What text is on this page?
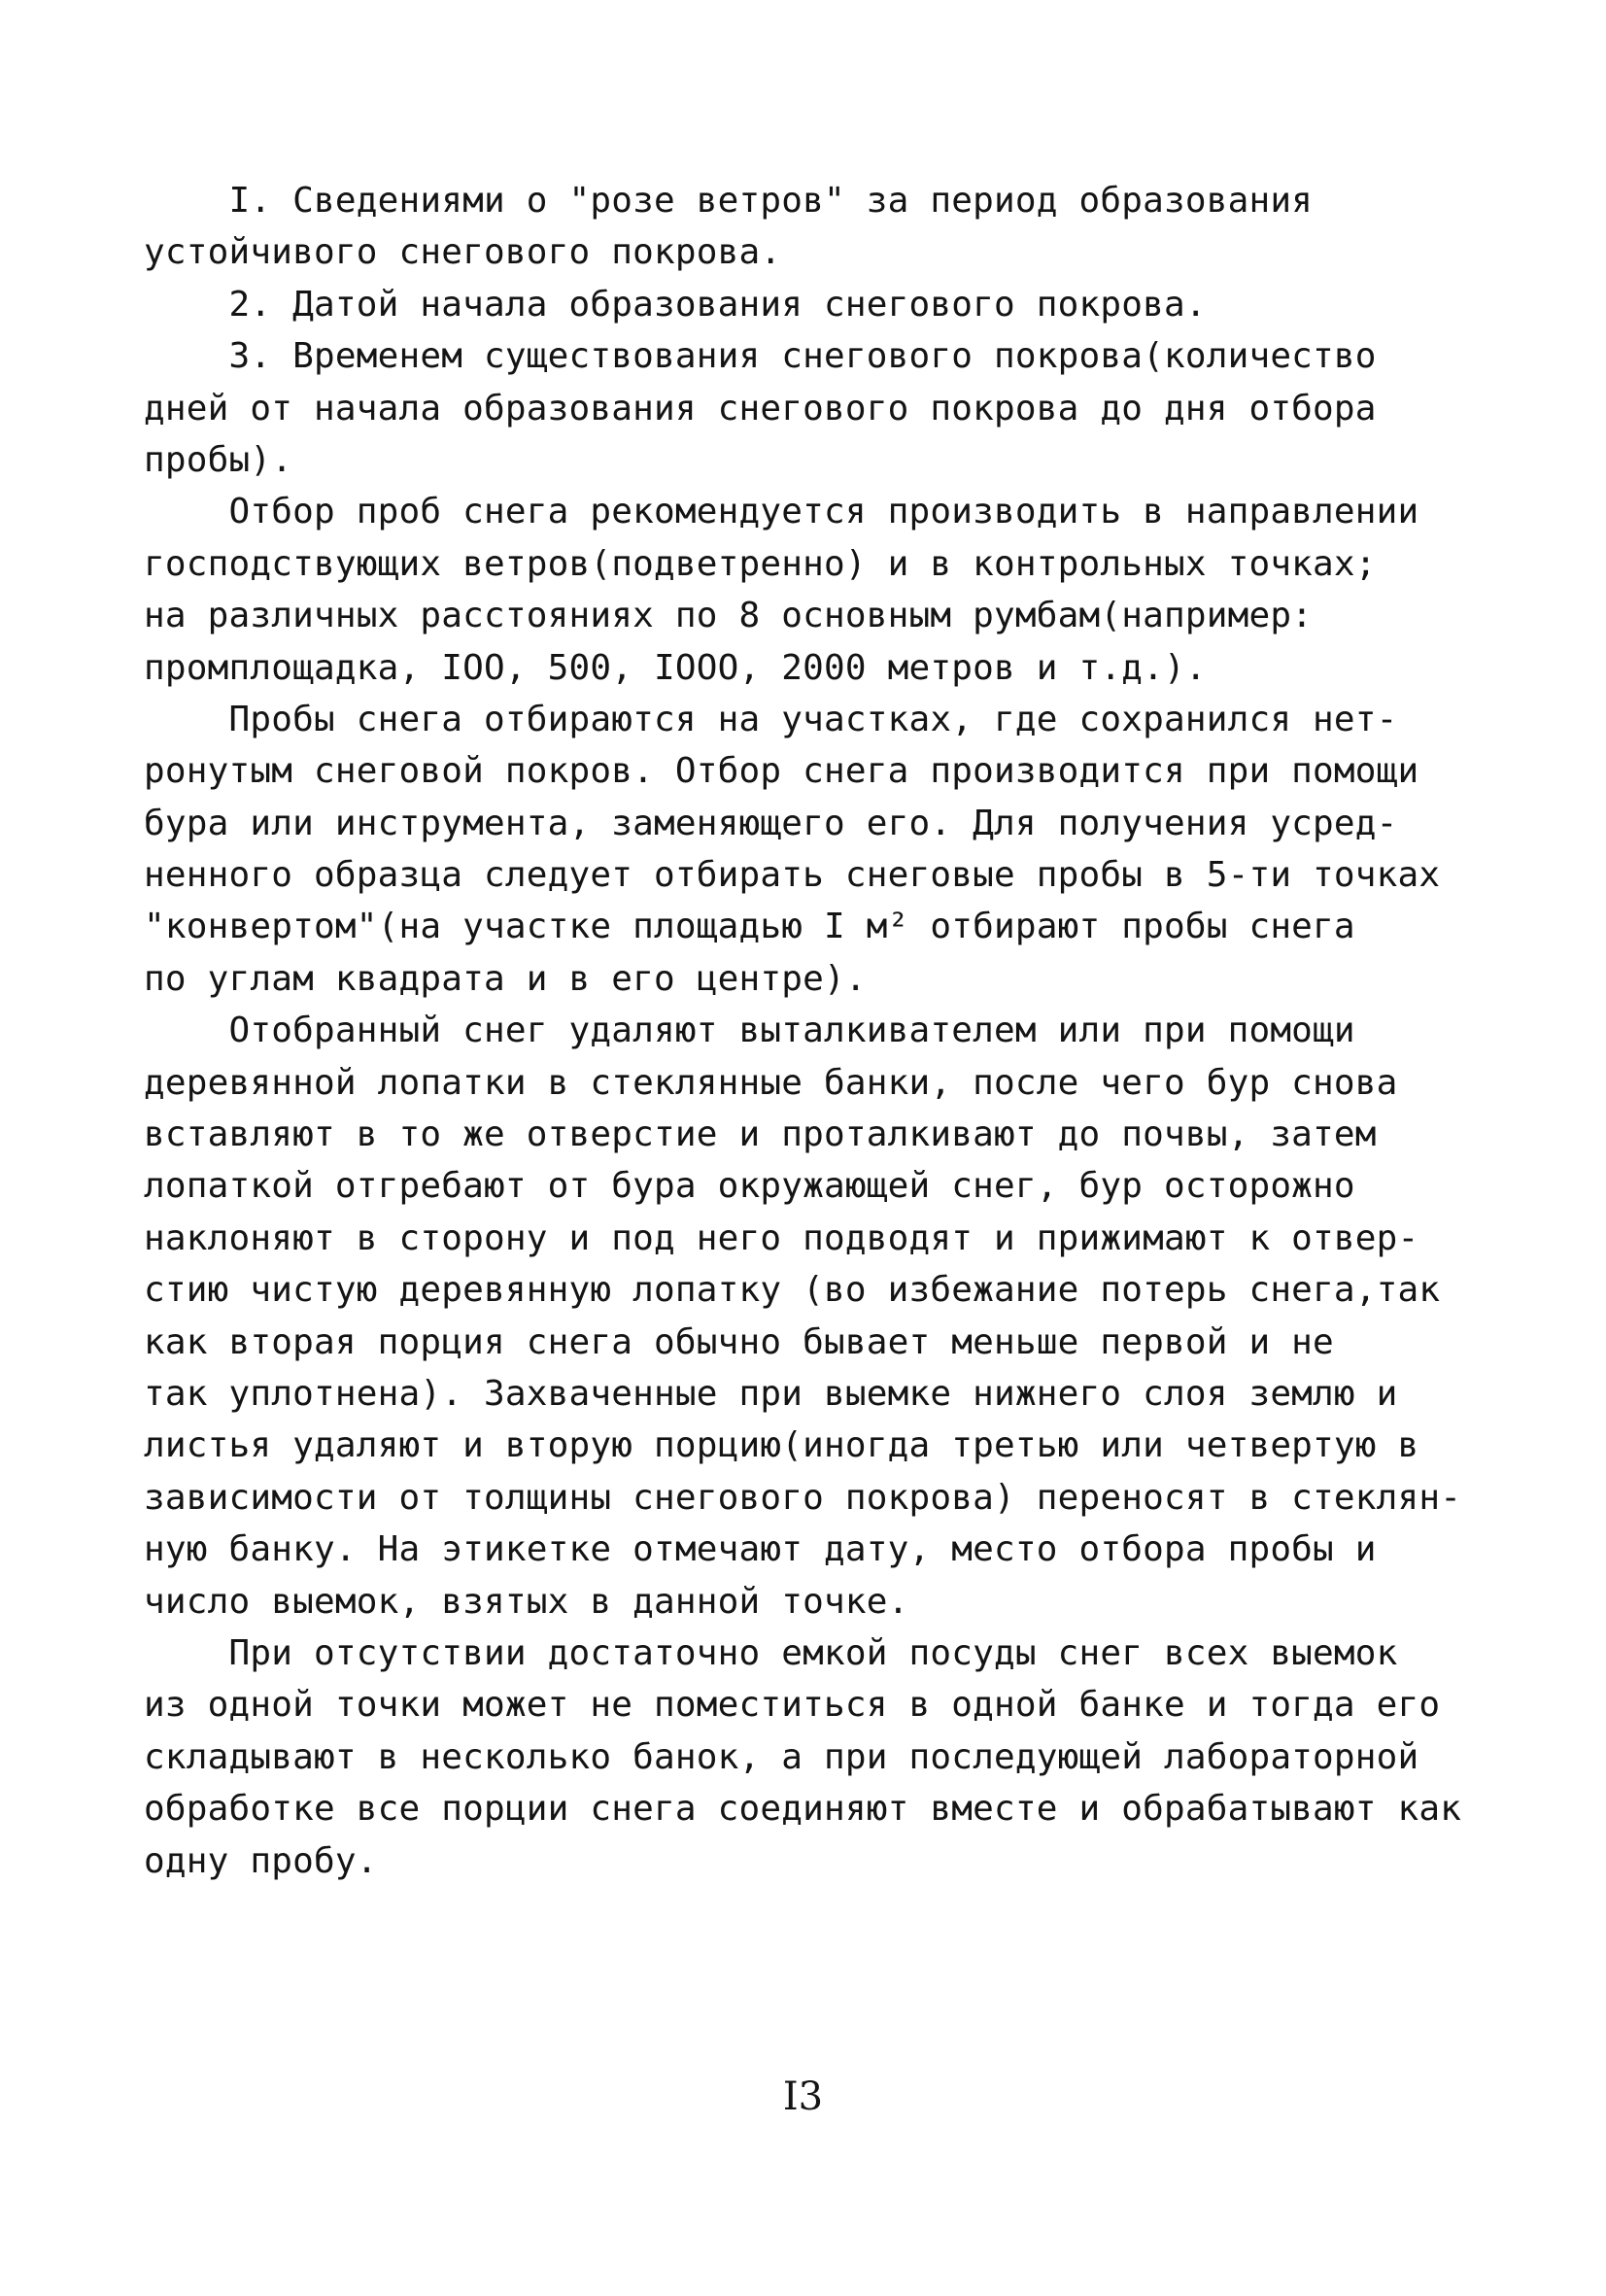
I. Сведениями о "розе ветров" за период образования
устойчивого снегового покрова.
2. Датой начала образования снегового покрова.
3. Временем существования снегового покрова(количество
дней от начала образования снегового покрова до дня отбора
пробы).
Отбор проб снега рекомендуется производить в направлении
господствующих ветров(подветренно) и в контрольных точках;
на различных расстояниях по 8 основным румбам(например:
промплощадка, IOO, 500, IOOO, 2000 метров и т.д.).
Пробы снега отбираются на участках, где сохранился нет-
ронутым снеговой покров. Отбор снега производится при помощи
бура или инструмента, заменяющего его. Для получения усред-
ненного образца следует отбирать снеговые пробы в 5-ти точках
"конвертом"(на участке площадью I м² отбирают пробы снега
по углам квадрата и в его центре).
Отобранный снег удаляют выталкивателем или при помощи
деревянной лопатки в стеклянные банки, после чего бур снова
вставляют в то же отверстие и проталкивают до почвы, затем
лопаткой отгребают от бура окружающей снег, бур осторожно
наклоняют в сторону и под него подводят и прижимают к отвер-
стию чистую деревянную лопатку (во избежание потерь снега,так
как вторая порция снега обычно бывает меньше первой и не
так уплотнена). Захваченные при выемке нижнего слоя землю и
листья удаляют и вторую порцию(иногда третью или четвертую в
зависимости от толщины снегового покрова) переносят в стеклян-
ную банку. На этикетке отмечают дату, место отбора пробы и
число выемок, взятых в данной точке.
При отсутствии достаточно емкой посуды снег всех выемок
из одной точки может не поместиться в одной банке и тогда его
складывают в несколько банок, а при последующей лабораторной
обработке все порции снега соединяют вместе и обрабатывают как
одну пробу.
I3
